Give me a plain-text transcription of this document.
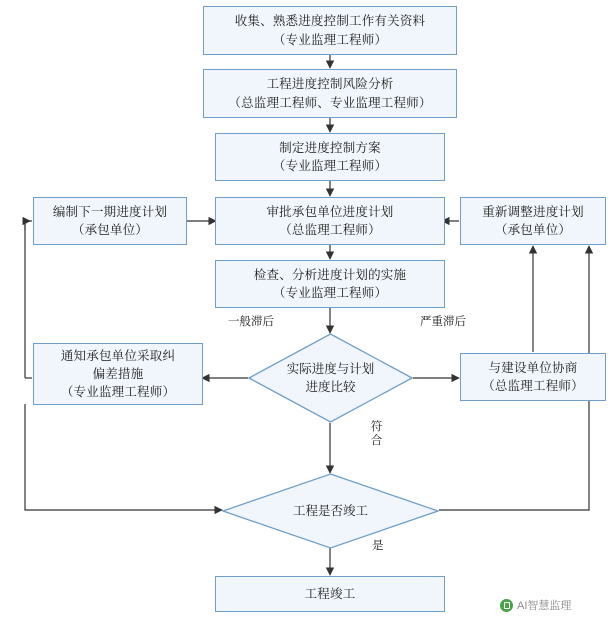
收集、熟悉进度控制工作有关资料
（专业监理工程师）
工程进度控制风险分析
（总监理工程师、专业监理工程师）
制定进度控制方案
（专业监理工程师）
编制下一期进度计划
（承包单位）
审批承包单位进度计划
（总监理工程师）
重新调整进度计划
（承包单位）
检查、分析进度计划的实施
（专业监理工程师）
通知承包单位采取纠
偏差措施
（专业监理工程师）
实际进度与计划
进度比较
与建设单位协商
（总监理工程师）
工程是否竣工
工程竣工
一般滞后	严重滞后
符合
是
AI智慧监理
